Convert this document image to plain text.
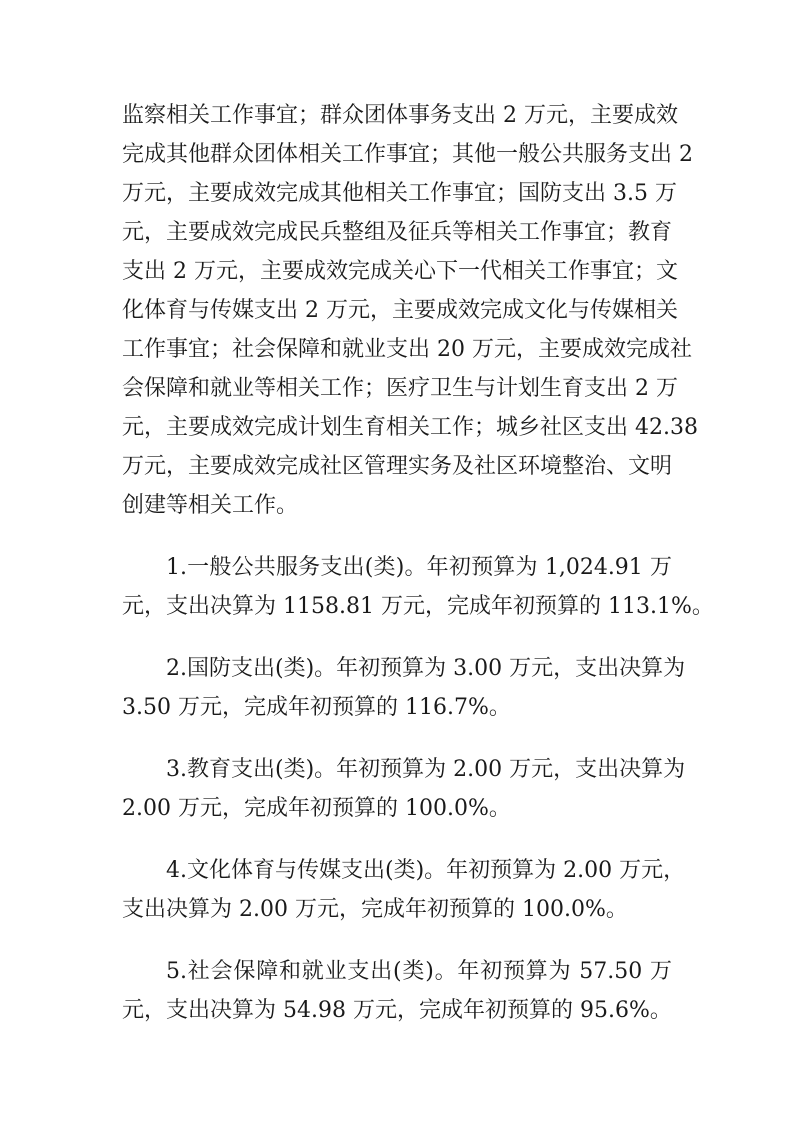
监察相关工作事宜；群众团体事务支出 2 万元，主要成效
完成其他群众团体相关工作事宜；其他一般公共服务支出 2
万元，主要成效完成其他相关工作事宜；国防支出 3.5 万
元，主要成效完成民兵整组及征兵等相关工作事宜；教育
支出 2 万元，主要成效完成关心下一代相关工作事宜；文
化体育与传媒支出 2 万元，主要成效完成文化与传媒相关
工作事宜；社会保障和就业支出 20 万元，主要成效完成社
会保障和就业等相关工作；医疗卫生与计划生育支出 2 万
元，主要成效完成计划生育相关工作；城乡社区支出 42.38
万元，主要成效完成社区管理实务及社区环境整治、文明
创建等相关工作。
1.一般公共服务支出(类)。年初预算为 1,024.91 万
元，支出决算为 1158.81 万元，完成年初预算的 113.1%。
2.国防支出(类)。年初预算为 3.00 万元，支出决算为
3.50 万元，完成年初预算的 116.7%。
3.教育支出(类)。年初预算为 2.00 万元，支出决算为
2.00 万元，完成年初预算的 100.0%。
4.文化体育与传媒支出(类)。年初预算为 2.00 万元，
支出决算为 2.00 万元，完成年初预算的 100.0%。
5.社会保障和就业支出(类)。年初预算为 57.50 万
元，支出决算为 54.98 万元，完成年初预算的 95.6%。
